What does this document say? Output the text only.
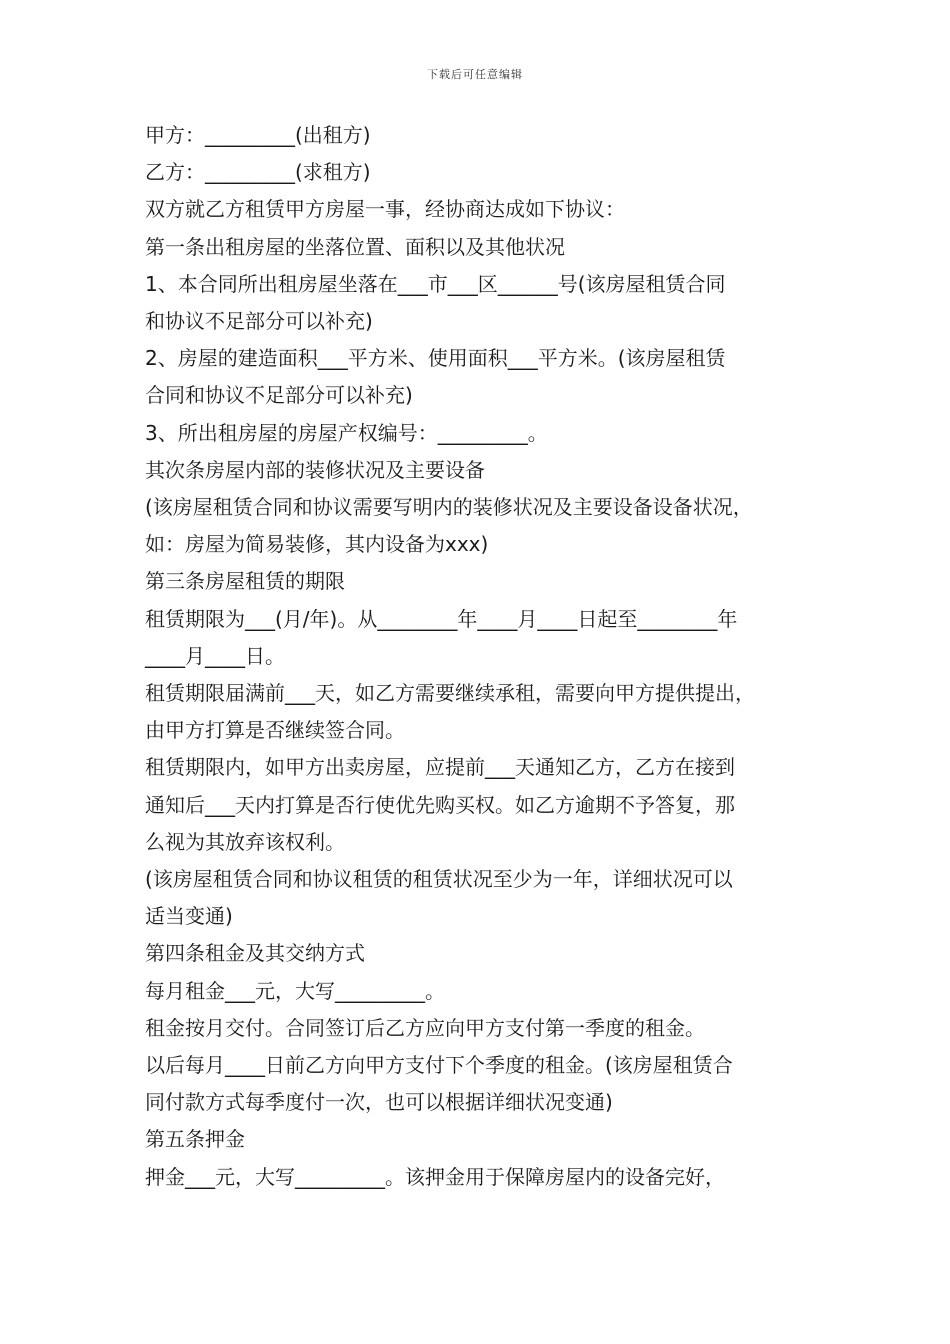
下载后可任意编辑

甲方：_________(出租方)

乙方：_________(求租方)

双方就乙方租赁甲方房屋一事，经协商达成如下协议：

第一条出租房屋的坐落位置、面积以及其他状况

1、本合同所出租房屋坐落在___市___区______号(该房屋租赁合同

和协议不足部分可以补充)

2、房屋的建造面积___平方米、使用面积___平方米。(该房屋租赁

合同和协议不足部分可以补充)

3、所出租房屋的房屋产权编号：_________。

其次条房屋内部的装修状况及主要设备

(该房屋租赁合同和协议需要写明内的装修状况及主要设备设备状况，

如：房屋为简易装修，其内设备为xxx)

第三条房屋租赁的期限

租赁期限为___(月/年)。从________年____月____日起至________年

____月____日。

租赁期限届满前___天，如乙方需要继续承租，需要向甲方提供提出，

由甲方打算是否继续签合同。

租赁期限内，如甲方出卖房屋，应提前___天通知乙方，乙方在接到

通知后___天内打算是否行使优先购买权。如乙方逾期不予答复，那

么视为其放弃该权利。

(该房屋租赁合同和协议租赁的租赁状况至少为一年，详细状况可以

适当变通)

第四条租金及其交纳方式

每月租金___元，大写_________。

租金按月交付。合同签订后乙方应向甲方支付第一季度的租金。

以后每月____日前乙方向甲方支付下个季度的租金。(该房屋租赁合

同付款方式每季度付一次，也可以根据详细状况变通)

第五条押金

押金___元，大写_________。该押金用于保障房屋内的设备完好，
